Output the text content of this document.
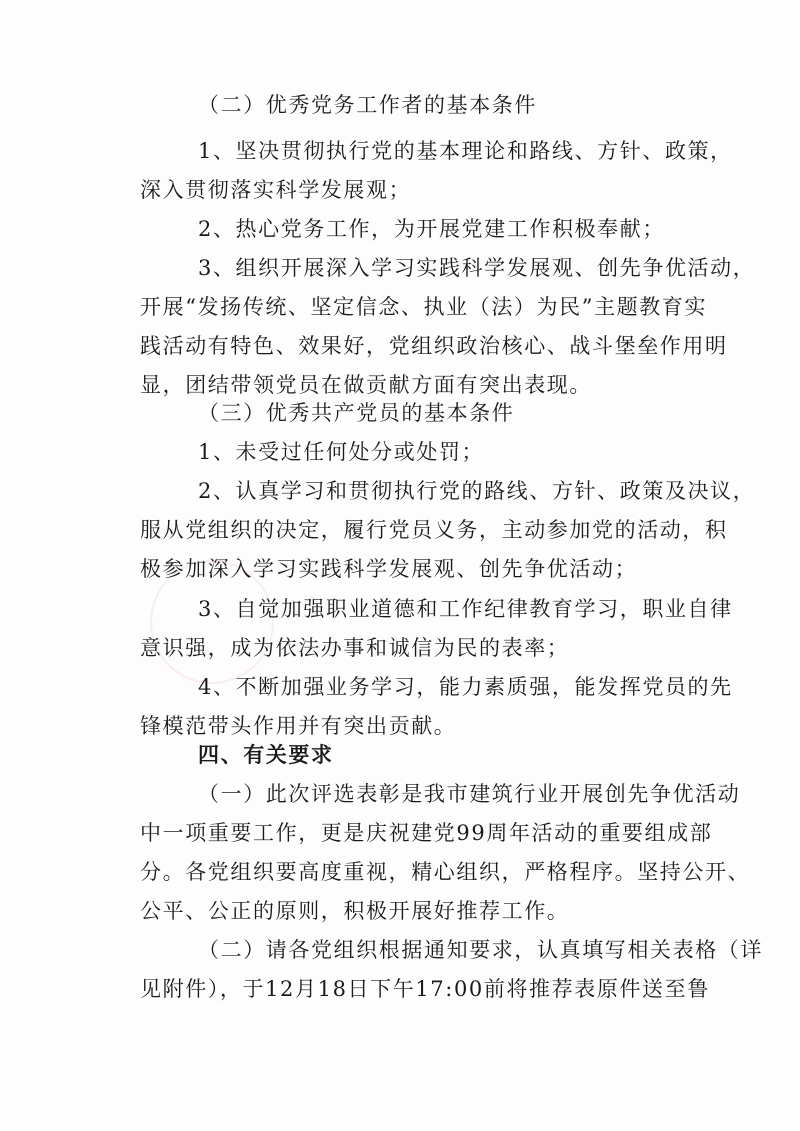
（二）优秀党务工作者的基本条件
1、坚决贯彻执行党的基本理论和路线、方针、政策，
深入贯彻落实科学发展观；
2、热心党务工作，为开展党建工作积极奉献；
3、组织开展深入学习实践科学发展观、创先争优活动，
开展“发扬传统、坚定信念、执业（法）为民”主题教育实
践活动有特色、效果好，党组织政治核心、战斗堡垒作用明
显，团结带领党员在做贡献方面有突出表现。
（三）优秀共产党员的基本条件
1、未受过任何处分或处罚；
2、认真学习和贯彻执行党的路线、方针、政策及决议，
服从党组织的决定，履行党员义务，主动参加党的活动，积
极参加深入学习实践科学发展观、创先争优活动；
3、自觉加强职业道德和工作纪律教育学习，职业自律
意识强，成为依法办事和诚信为民的表率；
4、不断加强业务学习，能力素质强，能发挥党员的先
锋模范带头作用并有突出贡献。
四、有关要求
（一）此次评选表彰是我市建筑行业开展创先争优活动
中一项重要工作，更是庆祝建党99周年活动的重要组成部
分。各党组织要高度重视，精心组织，严格程序。坚持公开、
公平、公正的原则，积极开展好推荐工作。
（二）请各党组织根据通知要求，认真填写相关表格（详
见附件），于12月18日下午17:00前将推荐表原件送至鲁
